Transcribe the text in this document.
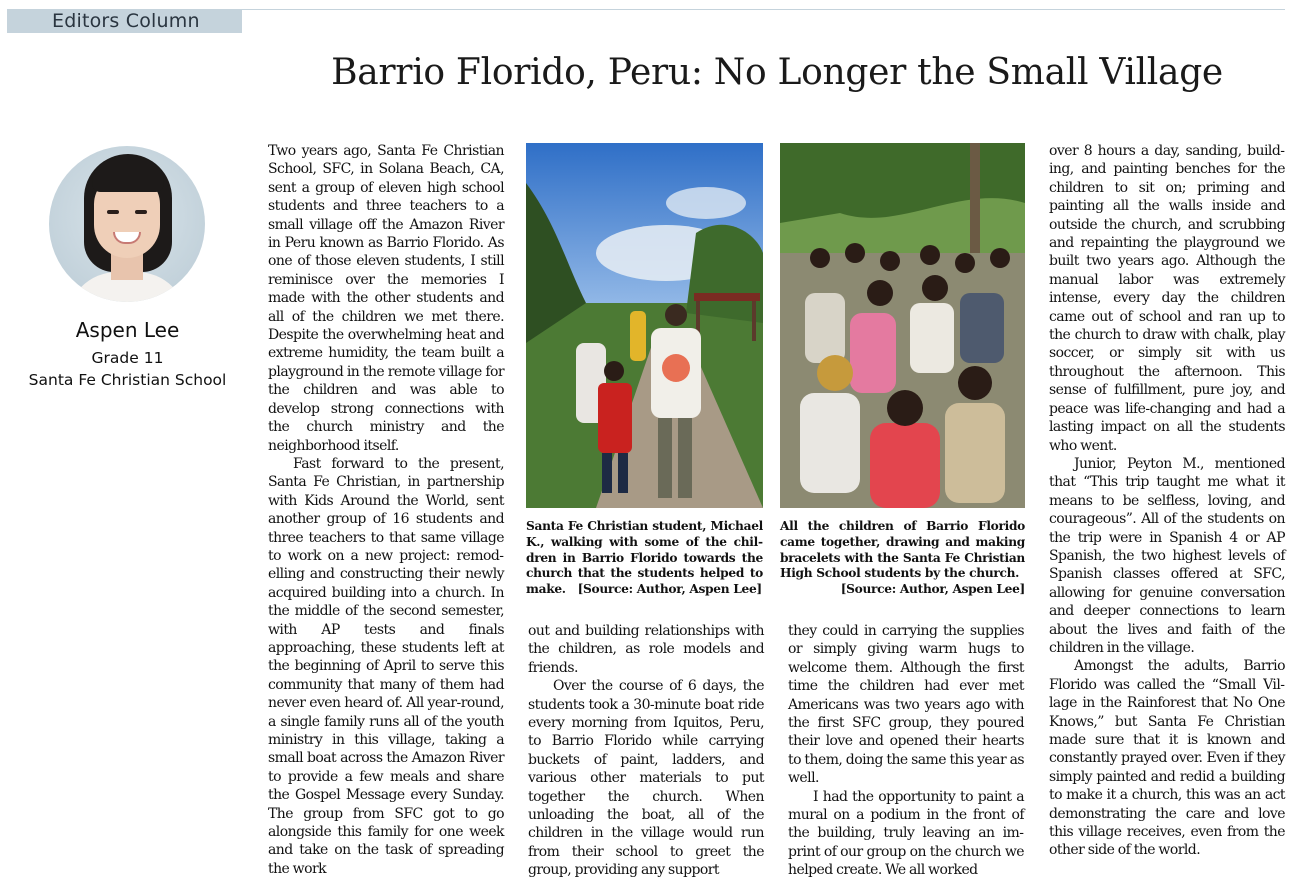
Editors Column
Barrio Florido, Peru: No Longer the Small Village
Aspen Lee
Grade 11
Santa Fe Christian School

Two years ago, Santa Fe Christian School, SFC, in Solana Beach, CA, sent a group of eleven high school students and three teachers to a small village off the Amazon River in Peru known as Barrio Florido. As one of those eleven students, I still reminisce over the memories I made with the other students and all of the children we met there. Despite the overwhelming heat and extreme humidity, the team built a playground in the remote village for the children and was able to develop strong connections with the church ministry and the neighborhood itself.

Fast forward to the present, Santa Fe Christian, in partnership with Kids Around the World, sent another group of 16 students and three teachers to that same village to work on a new project: remodelling and constructing their newly acquired building into a church. In the middle of the second semester, with AP tests and finals approaching, these students left at the beginning of April to serve this community that many of them had never even heard of. All year-round, a single family runs all of the youth ministry in this village, taking a small boat across the Amazon River to provide a few meals and share the Gospel Message every Sunday. The group from SFC got to go alongside this family for one week and take on the task of spreading the work

Santa Fe Christian student, Michael K., walking with some of the children in Barrio Florido towards the church that the students helped to make. [Source: Author, Aspen Lee]
All the children of Barrio Florido came together, drawing and making bracelets with the Santa Fe Christian High School students by the church.
[Source: Author, Aspen Lee]

out and building relationships with the children, as role models and friends.

Over the course of 6 days, the students took a 30-minute boat ride every morning from Iquitos, Peru, to Barrio Florido while carrying buckets of paint, ladders, and various other materials to put together the church. When unloading the boat, all of the children in the village would run from their school to greet the group, providing any support

they could in carrying the supplies or simply giving warm hugs to welcome them. Although the first time the children had ever met Americans was two years ago with the first SFC group, they poured their love and opened their hearts to them, doing the same this year as well.

I had the opportunity to paint a mural on a podium in the front of the building, truly leaving an imprint of our group on the church we helped create. We all worked

over 8 hours a day, sanding, building, and painting benches for the children to sit on; priming and painting all the walls inside and outside the church, and scrubbing and repainting the playground we built two years ago. Although the manual labor was extremely intense, every day the children came out of school and ran up to the church to draw with chalk, play soccer, or simply sit with us throughout the afternoon. This sense of fulfillment, pure joy, and peace was life-changing and had a lasting impact on all the students who went.

Junior, Peyton M., mentioned that “This trip taught me what it means to be selfless, loving, and courageous”. All of the students on the trip were in Spanish 4 or AP Spanish, the two highest levels of Spanish classes offered at SFC, allowing for genuine conversation and deeper connections to learn about the lives and faith of the children in the village.

Amongst the adults, Barrio Florido was called the “Small Village in the Rainforest that No One Knows,” but Santa Fe Christian made sure that it is known and constantly prayed over. Even if they simply painted and redid a building to make it a church, this was an act demonstrating the care and love this village receives, even from the other side of the world.
